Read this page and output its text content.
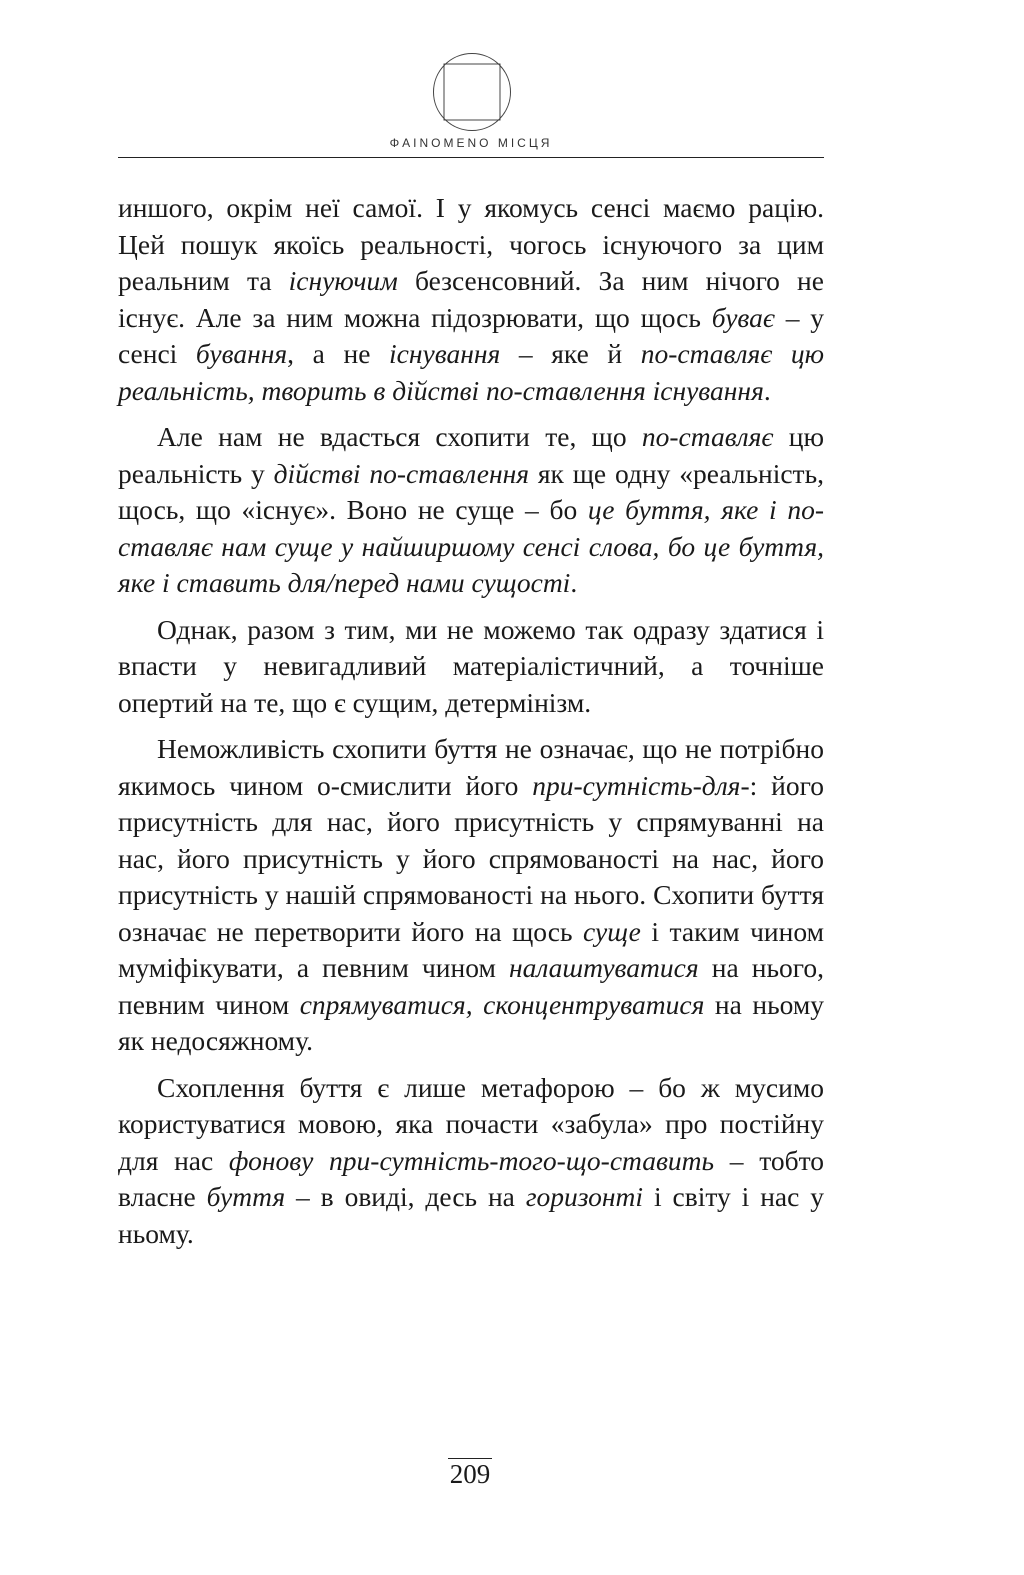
ΦAINOMENO МІСЦЯ

иншого, окрім неї самої. І у якомусь сенсі маємо рацію. Цей пошук якоїсь реальності, чогось існуючого за цим реальним та існуючим безсенсовний. За ним нічого не існує. Але за ним можна підозрювати, що щось буває – у сенсі бування, а не існування – яке й по-ставляє цю реальність, творить в дійстві по-ставлення існування.

Але нам не вдасться схопити те, що по-ставляє цю реальність у дійстві по-ставлення як ще одну «реальність, щось, що «існує». Воно не суще – бо це буття, яке і по-ставляє нам суще у найширшому сенсі слова, бо це буття, яке і ставить для/перед нами сущості.

Однак, разом з тим, ми не можемо так одразу здатися і впасти у невигадливий матеріалістичний, а точніше опертий на те, що є сущим, детермінізм.

Неможливість схопити буття не означає, що не потрібно якимось чином о-смислити його при-сутність-для-: його присутність для нас, його присутність у спрямуванні на нас, його присутність у його спрямованості на нас, його присутність у нашій спрямованості на нього. Схопити буття означає не перетворити його на щось суще і таким чином муміфікувати, а певним чином налаштуватися на нього, певним чином спрямуватися, сконцентруватися на ньому як недосяжному.

Схоплення буття є лише метафорою – бо ж мусимо користуватися мовою, яка почасти «забула» про постійну для нас фонову при-сутність-того-що-ставить – тобто власне буття – в овиді, десь на горизонті і світу і нас у ньому.

209
